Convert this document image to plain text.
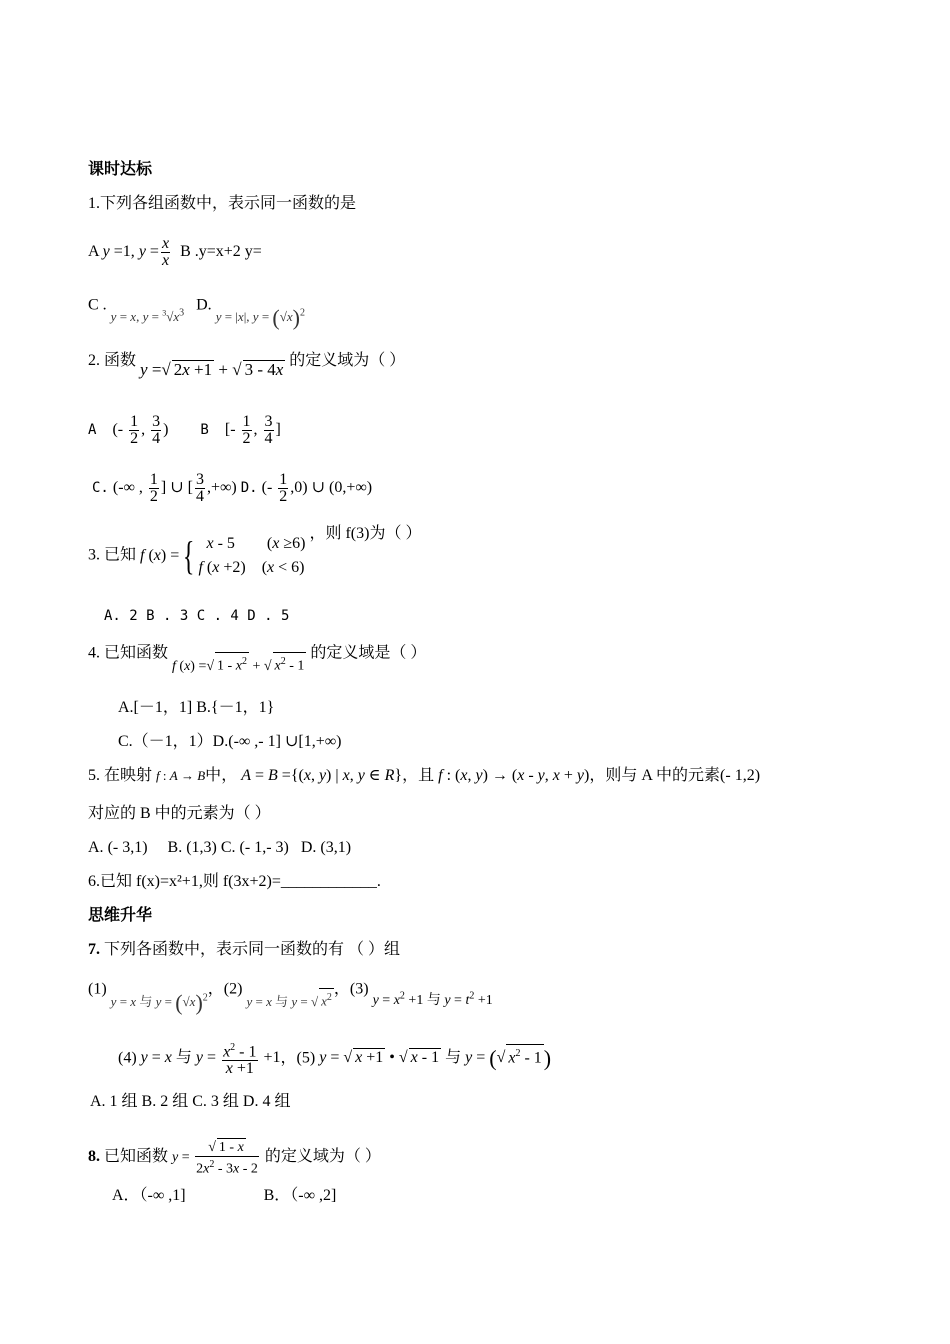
课时达标
1.下列各组函数中，表示同一函数的是
A y =1, $y = \frac{x}{x}$ B .y=x+2 y=
C . $_{y = x, y = ^3√x^3}$   D. $_{y = |x|, y = (√x)^2}$
2. 函数 y =√ 2x +1 + √ 3 - 4x 的定义域为（ ）
A (- $\frac{1}{2}$ , $\frac{3}{4}$ ) B [- $\frac{1}{2}$ , $\frac{3}{4}$ ]
C. (-∞ , $\frac{1}{2}$ ] ∪ [ $\frac{3}{4}$ ,+∞) D. (- $\frac{1}{2} ,0$) ∪ (0,+∞)
3. 已知 f (x) ={ x - 5        (x ≥6)
f (x +2)    (x < 6)
，则 f(3)为（ ）
A. 2 B . 3 C . 4 D . 5
4. 已知函数 f (x) =√ $1 - x^2$ + √ $x^2 - 1$ 的定义域是（ ）
A.[－1，1] B.{－1，1}
C.（－1，1）D.(-∞ ,- 1] ∪[1,+∞)
5. 在映射 f : A → B中， A = B ={(x, y) | x, y ∈ R}，且 f : (x, y) → (x - y, x + y)，则与 A 中的元素(- 1,2)
对应的 B 中的元素为（ ）
A. (- 3,1) B. (1,3) C. (- 1,- 3) D. (3,1)
6.已知 f(x)=x²+1,则 f(3x+2)=____________.
思维升华
7. 下列各函数中，表示同一函数的有 （ ）组
(1) $_{y = x 与 y = (√x)^2}$，(2) $_{y = x 与 y = √ x^2}$，(3) $y = x^2 +1$ 与 $y = t^2 +1$
(4) y = x 与 $y = \frac{x^2 - 1}{x +1} +1$，(5) y = √ x +1 • √ x - 1 与 y = (√ $x^2 - 1$)
A. 1 组 B. 2 组 C. 3 组 D. 4 组
8. 已知函数 $y = \frac{√ 1 - x}{2x^2 - 3x - 2}$ 的定义域为（ ）
A．（-∞ ,1]	B．（-∞ ,2]
